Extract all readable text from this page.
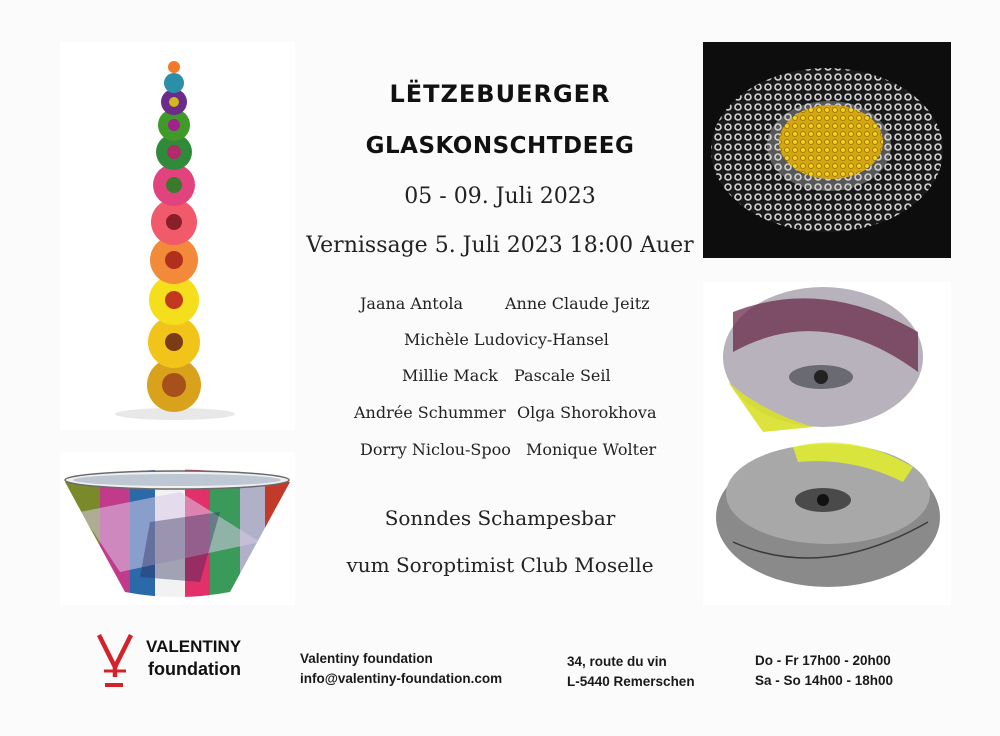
LËTZEBUERGER
GLASKONSCHTDEEG
05 - 09. Juli 2023
Vernissage 5. Juli 2023 18:00 Auer
Jaana Antola	Anne Claude Jeitz
Michèle Ludovicy-Hansel
Millie Mack Pascale Seil
Andrée Schummer Olga Shorokhova
Dorry Niclou-Spoo Monique Wolter
Sonndes Schampesbar
vum Soroptimist Club Moselle
VALENTINY
foundation
Valentiny foundation
info@valentiny-foundation.com
34, route du vin
L-5440 Remerschen
Do - Fr 17h00 - 20h00
Sa - So 14h00 - 18h00
